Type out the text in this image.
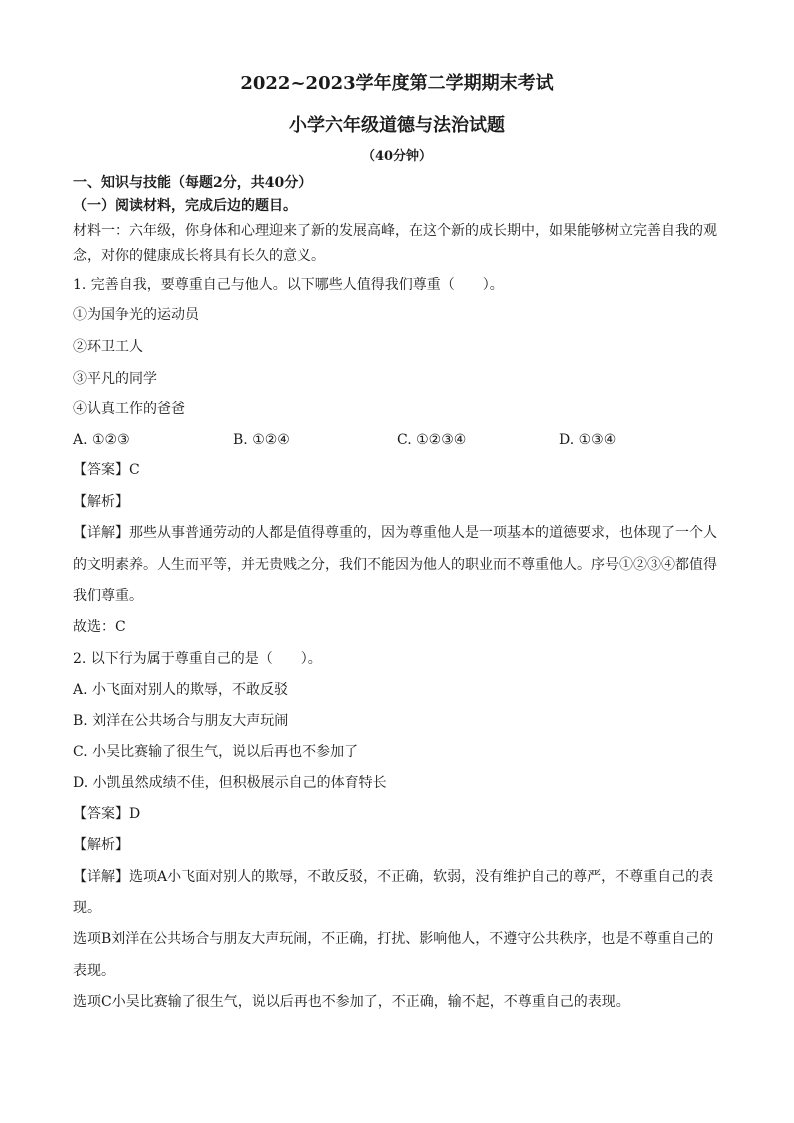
2022~2023学年度第二学期期末考试
小学六年级道德与法治试题
（40分钟）
一、知识与技能（每题2分，共40分）
（一）阅读材料，完成后边的题目。
材料一：六年级，你身体和心理迎来了新的发展高峰，在这个新的成长期中，如果能够树立完善自我的观
念，对你的健康成长将具有长久的意义。
1. 完善自我，要尊重自己与他人。以下哪些人值得我们尊重（　　）。
①为国争光的运动员
②环卫工人
③平凡的同学
④认真工作的爸爸
A. ①②③	B. ①②④	C. ①②③④	D. ①③④
【答案】C
【解析】
【详解】那些从事普通劳动的人都是值得尊重的，因为尊重他人是一项基本的道德要求，也体现了一个人
的文明素养。人生而平等，并无贵贱之分，我们不能因为他人的职业而不尊重他人。序号①②③④都值得
我们尊重。
故选：C
2. 以下行为属于尊重自己的是（　　）。
A. 小飞面对别人的欺辱，不敢反驳
B. 刘洋在公共场合与朋友大声玩闹
C. 小吴比赛输了很生气，说以后再也不参加了
D. 小凯虽然成绩不佳，但积极展示自己的体育特长
【答案】D
【解析】
【详解】选项A小飞面对别人的欺辱，不敢反驳，不正确，软弱，没有维护自己的尊严，不尊重自己的表
现。
选项B刘洋在公共场合与朋友大声玩闹，不正确，打扰、影响他人，不遵守公共秩序，也是不尊重自己的
表现。
选项C小吴比赛输了很生气，说以后再也不参加了，不正确，输不起，不尊重自己的表现。
